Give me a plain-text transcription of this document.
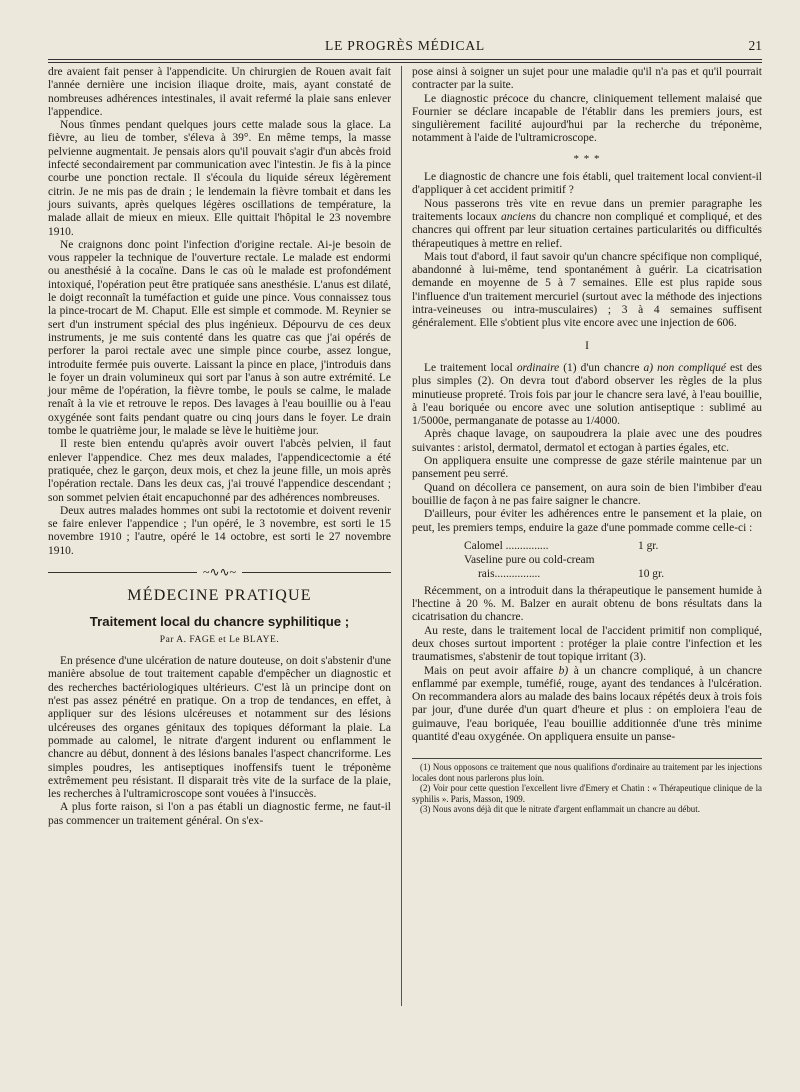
LE PROGRÈS MÉDICAL	21

dre avaient fait penser à l'appendicite. Un chirurgien de Rouen avait fait l'année dernière une incision iliaque droite, mais, ayant constaté de nombreuses adhérences intestinales, il avait refermé la plaie sans enlever l'appendice.

Nous tînmes pendant quelques jours cette malade sous la glace. La fièvre, au lieu de tomber, s'éleva à 39°. En même temps, la masse pelvienne augmentait. Je pensais alors qu'il pouvait s'agir d'un abcès froid infecté secondairement par communication avec l'intestin. Je fis à la pince courbe une ponction rectale. Il s'écoula du liquide séreux légèrement citrin. Je ne mis pas de drain ; le lendemain la fièvre tombait et dans les jours suivants, après quelques légères oscillations de température, la malade allait de mieux en mieux. Elle quittait l'hôpital le 23 novembre 1910.

Ne craignons donc point l'infection d'origine rectale. Ai-je besoin de vous rappeler la technique de l'ouverture rectale. Le malade est endormi ou anesthésié à la cocaïne. Dans le cas où le malade est profondément intoxiqué, l'opération peut être pratiquée sans anesthésie. L'anus est dilaté, le doigt reconnaît la tuméfaction et guide une pince. Vous connaissez tous la pince-trocart de M. Chaput. Elle est simple et commode. M. Reynier se sert d'un instrument spécial des plus ingénieux. Dépourvu de ces deux instruments, je me suis contenté dans les quatre cas que j'ai opérés de perforer la paroi rectale avec une simple pince courbe, assez longue, introduite fermée puis ouverte. Laissant la pince en place, j'introduis dans le foyer un drain volumineux qui sort par l'anus à son autre extrémité. Le jour même de l'opération, la fièvre tombe, le pouls se calme, le malade renaît à la vie et retrouve le repos. Des lavages à l'eau bouillie ou à l'eau oxygénée sont faits pendant quatre ou cinq jours dans le foyer. Le drain tombe le quatrième jour, le malade se lève le huitième jour.

Il reste bien entendu qu'après avoir ouvert l'abcès pelvien, il faut enlever l'appendice. Chez mes deux malades, l'appendicectomie a été pratiquée, chez le garçon, deux mois, et chez la jeune fille, un mois après l'opération rectale. Dans les deux cas, j'ai trouvé l'appendice descendant ; son sommet pelvien était encapuchonné par des adhérences nombreuses.

Deux autres malades hommes ont subi la rectotomie et doivent revenir se faire enlever l'appendice ; l'un opéré, le 3 novembre, est sorti le 15 novembre 1910 ; l'autre, opéré le 14 octobre, est sorti le 27 novembre 1910.

~∿∿~
MÉDECINE PRATIQUE
Traitement local du chancre syphilitique ;
Par A. FAGE et Le BLAYE.

En présence d'une ulcération de nature douteuse, on doit s'abstenir d'une manière absolue de tout traitement capable d'empêcher un diagnostic et des recherches bactériologiques ultérieurs. C'est là un principe dont on n'est pas assez pénétré en pratique. On a trop de tendances, en effet, à appliquer sur des lésions ulcéreuses et notamment sur des lésions ulcéreuses des organes génitaux des topiques déformant la plaie. La pommade au calomel, le nitrate d'argent indurent ou enflamment le chancre au début, donnent à des lésions banales l'aspect chancriforme. Les simples poudres, les antiseptiques inoffensifs tuent le tréponème extrêmement peu résistant. Il disparait très vite de la surface de la plaie, les recherches à l'ultramicroscope sont vouées à l'insuccès.

A plus forte raison, si l'on a pas établi un diagnostic ferme, ne faut-il pas commencer un traitement général. On s'ex-

pose ainsi à soigner un sujet pour une maladie qu'il n'a pas et qu'il pourrait contracter par la suite.

Le diagnostic précoce du chancre, cliniquement tellement malaisé que Fournier se déclare incapable de l'établir dans les premiers jours, est singulièrement facilité aujourd'hui par la recherche du tréponème, notamment à l'aide de l'ultramicroscope.

* * *

Le diagnostic de chancre une fois établi, quel traitement local convient-il d'appliquer à cet accident primitif ?

Nous passerons très vite en revue dans un premier paragraphe les traitements locaux anciens du chancre non compliqué et compliqué, et des chancres qui offrent par leur situation certaines particularités ou difficultés thérapeutiques à mettre en relief.

Mais tout d'abord, il faut savoir qu'un chancre spécifique non compliqué, abandonné à lui-même, tend spontanément à guérir. La cicatrisation demande en moyenne de 5 à 7 semaines. Elle est plus rapide sous l'influence d'un traitement mercuriel (surtout avec la méthode des injections intra-veineuses ou intra-musculaires) ; 3 à 4 semaines suffisent généralement. Elle s'obtient plus vite encore avec une injection de 606.

I

Le traitement local ordinaire (1) d'un chancre a) non compliqué est des plus simples (2). On devra tout d'abord observer les règles de la plus minutieuse propreté. Trois fois par jour le chancre sera lavé, à l'eau bouillie, à l'eau boriquée ou encore avec une solution antiseptique : sublimé au 1/5000e, permanganate de potasse au 1/4000.

Après chaque lavage, on saupoudrera la plaie avec une des poudres suivantes : aristol, dermatol, dermatol et ectogan à parties égales, etc.

On appliquera ensuite une compresse de gaze stérile maintenue par un pansement peu serré.

Quand on décollera ce pansement, on aura soin de bien l'imbiber d'eau bouillie de façon à ne pas faire saigner le chancre.

D'ailleurs, pour éviter les adhérences entre le pansement et la plaie, on peut, les premiers temps, enduire la gaze d'une pommade comme celle-ci :

Calomel ...............	1 gr.
Vaseline pure ou cold-cream
rais................	10 gr.

Récemment, on a introduit dans la thérapeutique le pansement humide à l'hectine à 20 %. M. Balzer en aurait obtenu de bons résultats dans la cicatrisation du chancre.

Au reste, dans le traitement local de l'accident primitif non compliqué, deux choses surtout importent : protéger la plaie contre l'infection et les traumatismes, s'abstenir de tout topique irritant (3).

Mais on peut avoir affaire b) à un chancre compliqué, à un chancre enflammé par exemple, tuméfié, rouge, ayant des tendances à l'ulcération. On recommandera alors au malade des bains locaux répétés deux à trois fois par jour, d'une durée d'un quart d'heure et plus : on emploiera l'eau de guimauve, l'eau boriquée, l'eau bouillie additionnée d'une très minime quantité d'eau oxygénée. On appliquera ensuite un panse-

(1) Nous opposons ce traitement que nous qualifions d'ordinaire au traitement par les injections locales dont nous parlerons plus loin.

(2) Voir pour cette question l'excellent livre d'Emery et Chatin : « Thérapeutique clinique de la syphilis ». Paris, Masson, 1909.

(3) Nous avons déjà dit que le nitrate d'argent enflammait un chancre au début.
